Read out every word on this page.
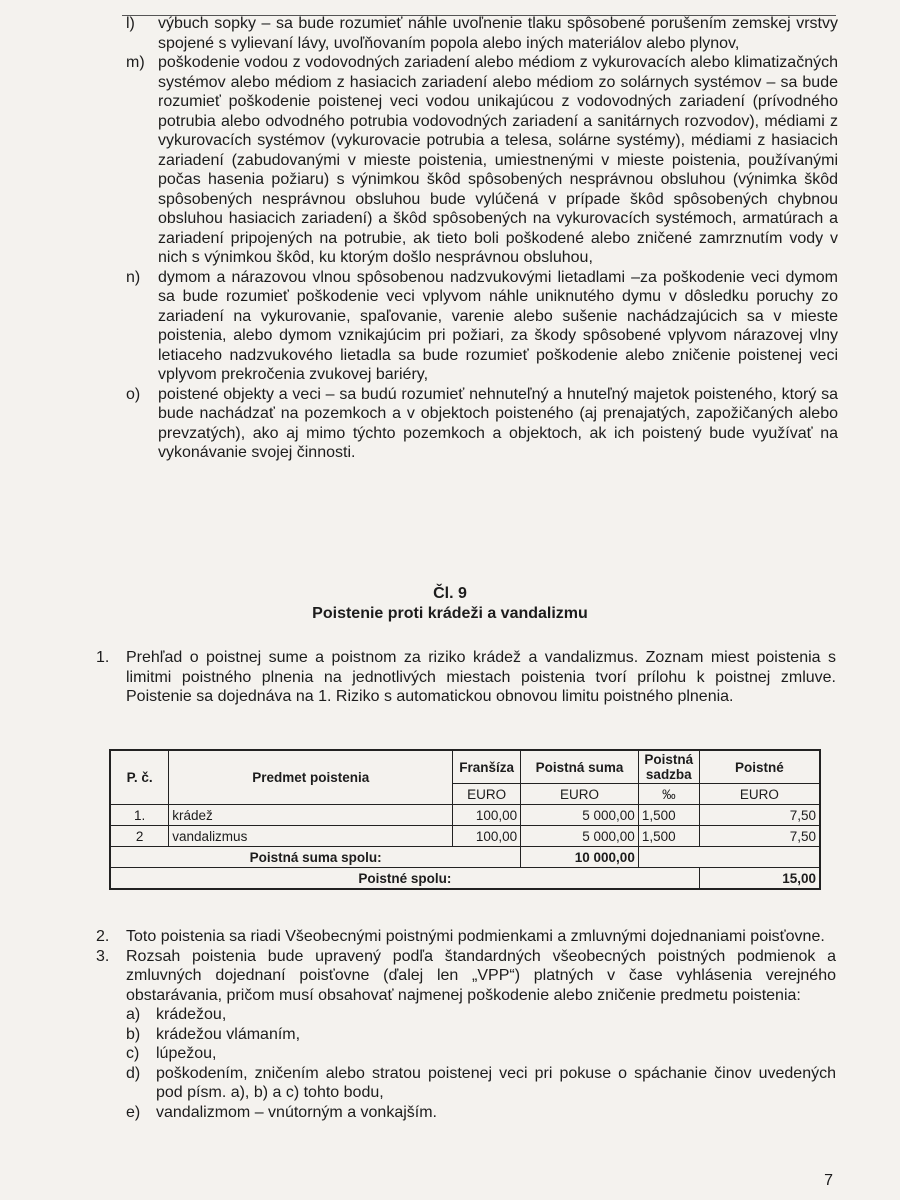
l) výbuch sopky – sa bude rozumieť náhle uvoľnenie tlaku spôsobené porušením zemskej vrstvy spojené s vylievaní lávy, uvoľňovaním popola alebo iných materiálov alebo plynov,

m) poškodenie vodou z vodovodných zariadení alebo médiom z vykurovacích alebo klimatizačných systémov alebo médiom z hasiacich zariadení alebo médiom zo solárnych systémov – sa bude rozumieť poškodenie poistenej veci vodou unikajúcou z vodovodných zariadení (prívodného potrubia alebo odvodného potrubia vodovodných zariadení a sanitárnych rozvodov), médiami z vykurovacích systémov (vykurovacie potrubia a telesa, solárne systémy), médiami z hasiacich zariadení (zabudovanými v mieste poistenia, umiestnenými v mieste poistenia, používanými počas hasenia požiaru) s výnimkou škôd spôsobených nesprávnou obsluhou (výnimka škôd spôsobených nesprávnou obsluhou bude vylúčená v prípade škôd spôsobených chybnou obsluhou hasiacich zariadení) a škôd spôsobených na vykurovacích systémoch, armatúrach a zariadení pripojených na potrubie, ak tieto boli poškodené alebo zničené zamrznutím vody v nich s výnimkou škôd, ku ktorým došlo nesprávnou obsluhou,

n) dymom a nárazovou vlnou spôsobenou nadzvukovými lietadlami –za poškodenie veci dymom sa bude rozumieť poškodenie veci vplyvom náhle uniknutého dymu v dôsledku poruchy zo zariadení na vykurovanie, spaľovanie, varenie alebo sušenie nachádzajúcich sa v mieste poistenia, alebo dymom vznikajúcim pri požiari, za škody spôsobené vplyvom nárazovej vlny letiaceho nadzvukového lietadla sa bude rozumieť poškodenie alebo zničenie poistenej veci vplyvom prekročenia zvukovej bariéry,

o) poistené objekty a veci – sa budú rozumieť nehnuteľný a hnuteľný majetok poisteného, ktorý sa bude nachádzať na pozemkoch a v objektoch poisteného (aj prenajatých, zapožičaných alebo prevzatých), ako aj mimo týchto pozemkoch a objektoch, ak ich poistený bude využívať na vykonávanie svojej činnosti.

Čl. 9
Poistenie proti krádeži a vandalizmu

1. Prehľad o poistnej sume a poistnom za riziko krádež a vandalizmus. Zoznam miest poistenia s limitmi poistného plnenia na jednotlivých miestach poistenia tvorí prílohu k poistnej zmluve. Poistenie sa dojednáva na 1. Riziko s automatickou obnovou limitu poistného plnenia.

P. č.	Predmet poistenia	Franšíza	Poistná suma	Poistná sadzba	Poistné
		EURO	EURO	‰	EURO
1.	krádež	100,00	5 000,00	1,500	7,50
2	vandalizmus	100,00	5 000,00	1,500	7,50
Poistná suma spolu:			10 000,00		
Poistné spolu:					15,00

2. Toto poistenia sa riadi Všeobecnými poistnými podmienkami a zmluvnými dojednaniami poisťovne.

3. Rozsah poistenia bude upravený podľa štandardných všeobecných poistných podmienok a zmluvných dojednaní poisťovne (ďalej len „VPP“) platných v čase vyhlásenia verejného obstarávania, pričom musí obsahovať najmenej poškodenie alebo zničenie predmetu poistenia:

a) krádežou,

b) krádežou vlámaním,

c) lúpežou,

d) poškodením, zničením alebo stratou poistenej veci pri pokuse o spáchanie činov uvedených pod písm. a), b) a c) tohto bodu,

e) vandalizmom – vnútorným a vonkajším.

7
